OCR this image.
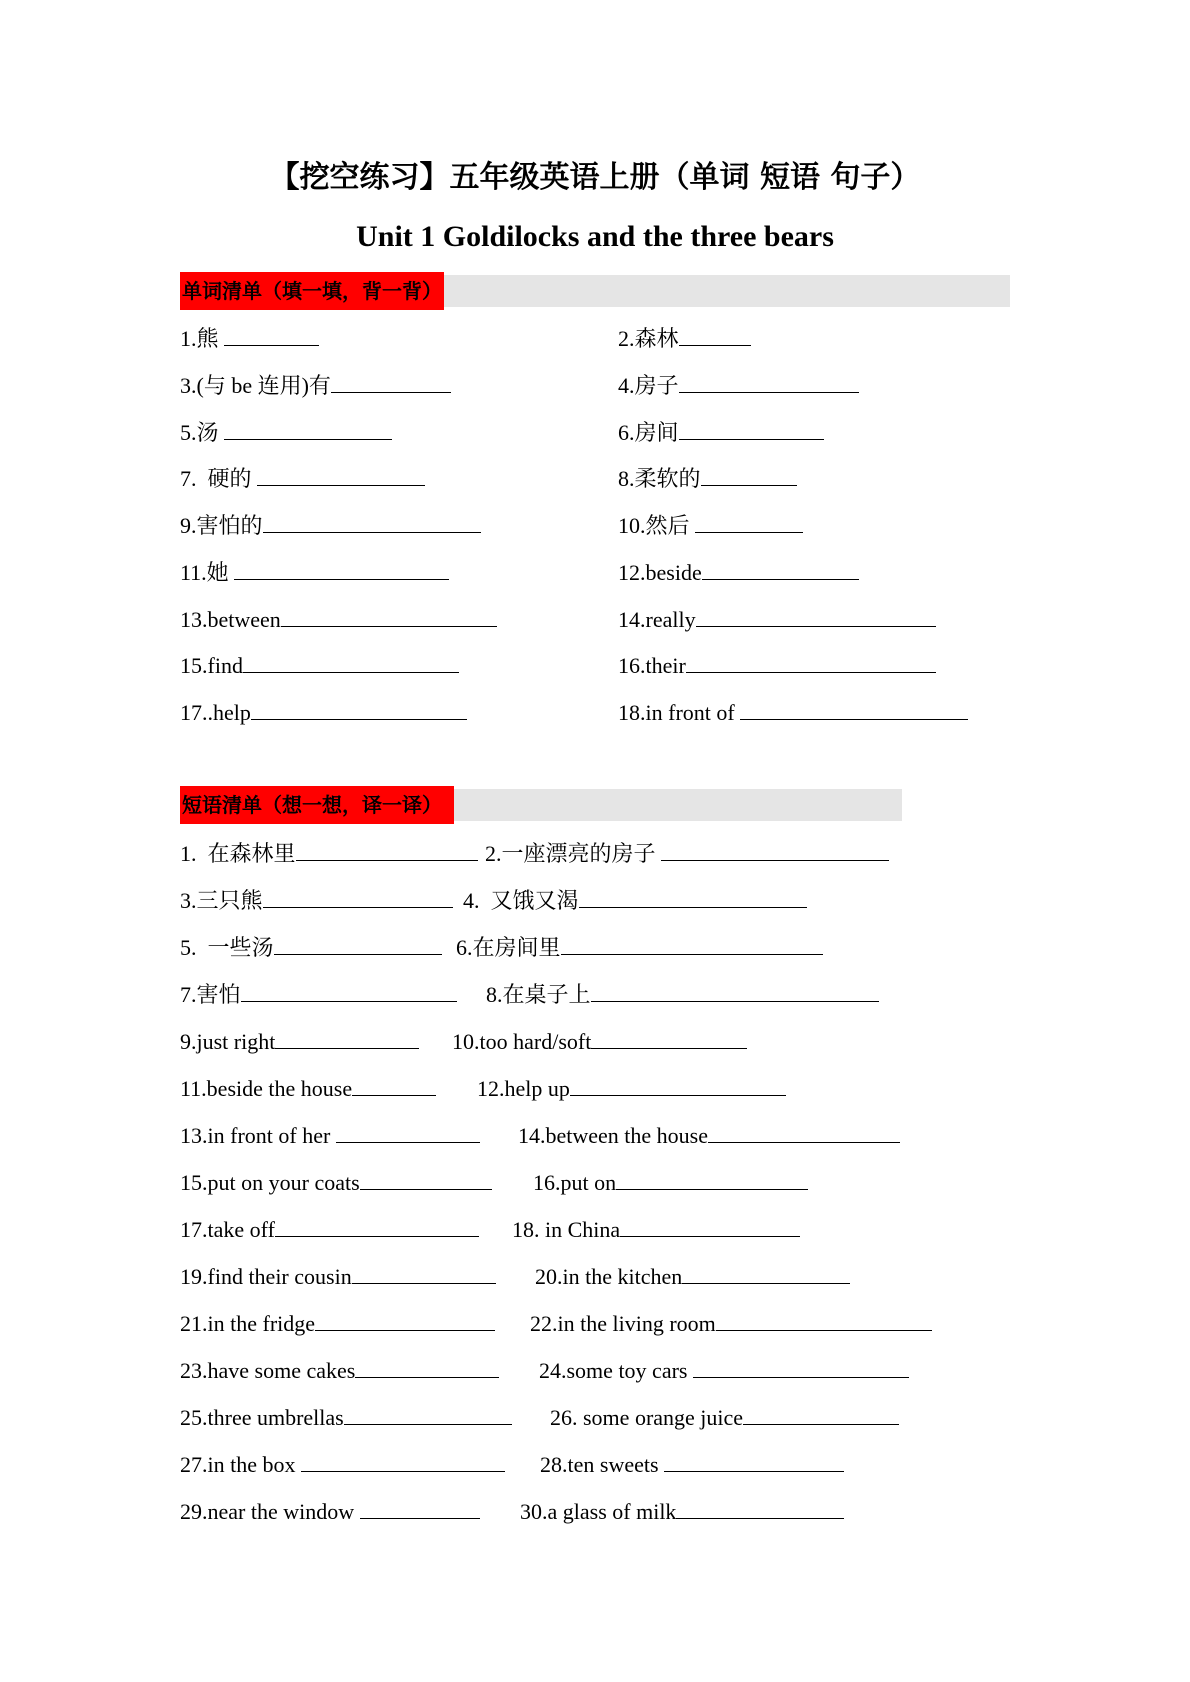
【挖空练习】五年级英语上册（单词 短语 句子）
Unit 1 Goldilocks and the three bears
单词清单（填一填，背一背）
1.熊	2.森林
3.(与 be 连用)有	4.房子
5.汤	6.房间
7.  硬的	8.柔软的
9.害怕的	10.然后
11.她	12.beside
13.between	14.really
15.find	16.their
17..help	18.in front of
短语清单（想一想，译一译）
1.  在森林里	2.一座漂亮的房子
3.三只熊	4.  又饿又渴
5.  一些汤	6.在房间里
7.害怕	8.在桌子上
9.just right	10.too hard/soft
11.beside the house	12.help up
13.in front of her	14.between the house
15.put on your coats	16.put on
17.take off	18. in China
19.find their cousin	20.in the kitchen
21.in the fridge	22.in the living room
23.have some cakes	24.some toy cars
25.three umbrellas	26. some orange juice
27.in the box	28.ten sweets
29.near the window	30.a glass of milk
